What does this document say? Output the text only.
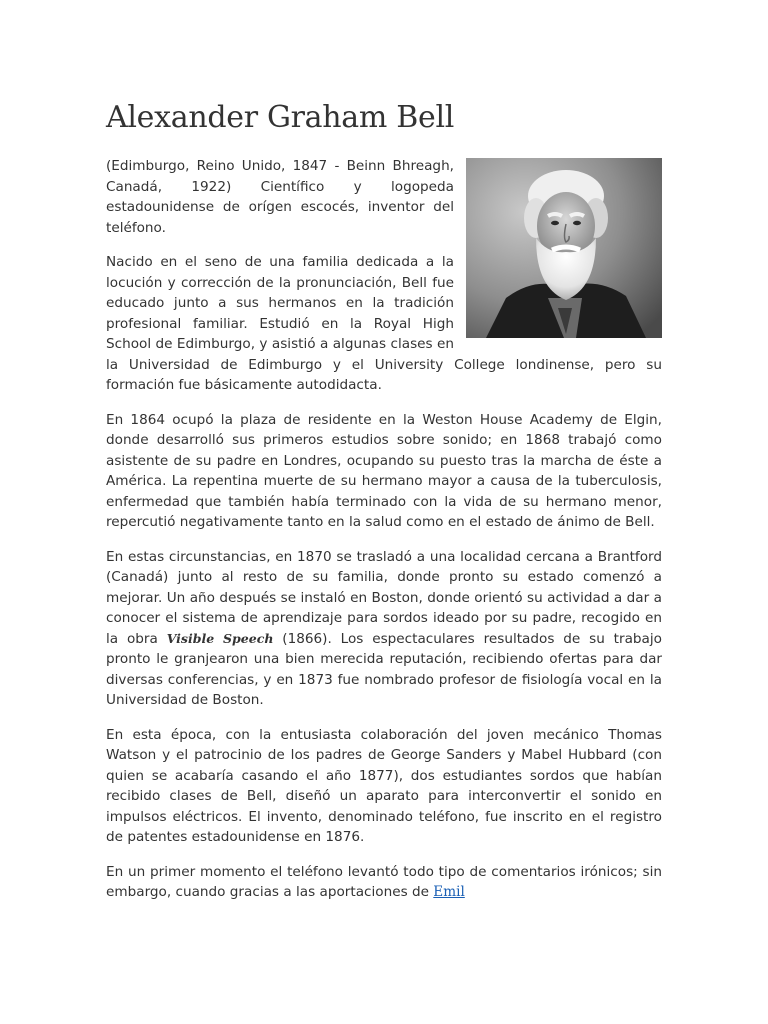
Alexander Graham Bell

(Edimburgo, Reino Unido, 1847 - Beinn Bhreagh, Canadá, 1922) Científico y logopeda estadounidense de orígen escocés, inventor del teléfono.

Nacido en el seno de una familia dedicada a la locución y corrección de la pronunciación, Bell fue educado junto a sus hermanos en la tradición profesional familiar. Estudió en la Royal High School de Edimburgo, y asistió a algunas clases en la Universidad de Edimburgo y el University College londinense, pero su formación fue básicamente autodidacta.

En 1864 ocupó la plaza de residente en la Weston House Academy de Elgin, donde desarrolló sus primeros estudios sobre sonido; en 1868 trabajó como asistente de su padre en Londres, ocupando su puesto tras la marcha de éste a América. La repentina muerte de su hermano mayor a causa de la tuberculosis, enfermedad que también había terminado con la vida de su hermano menor, repercutió negativamente tanto en la salud como en el estado de ánimo de Bell.

En estas circunstancias, en 1870 se trasladó a una localidad cercana a Brantford (Canadá) junto al resto de su familia, donde pronto su estado comenzó a mejorar. Un año después se instaló en Boston, donde orientó su actividad a dar a conocer el sistema de aprendizaje para sordos ideado por su padre, recogido en la obra Visible Speech (1866). Los espectaculares resultados de su trabajo pronto le granjearon una bien merecida reputación, recibiendo ofertas para dar diversas conferencias, y en 1873 fue nombrado profesor de fisiología vocal en la Universidad de Boston.

En esta época, con la entusiasta colaboración del joven mecánico Thomas Watson y el patrocinio de los padres de George Sanders y Mabel Hubbard (con quien se acabaría casando el año 1877), dos estudiantes sordos que habían recibido clases de Bell, diseñó un aparato para interconvertir el sonido en impulsos eléctricos. El invento, denominado teléfono, fue inscrito en el registro de patentes estadounidense en 1876.

En un primer momento el teléfono levantó todo tipo de comentarios irónicos; sin embargo, cuando gracias a las aportaciones de Emil
